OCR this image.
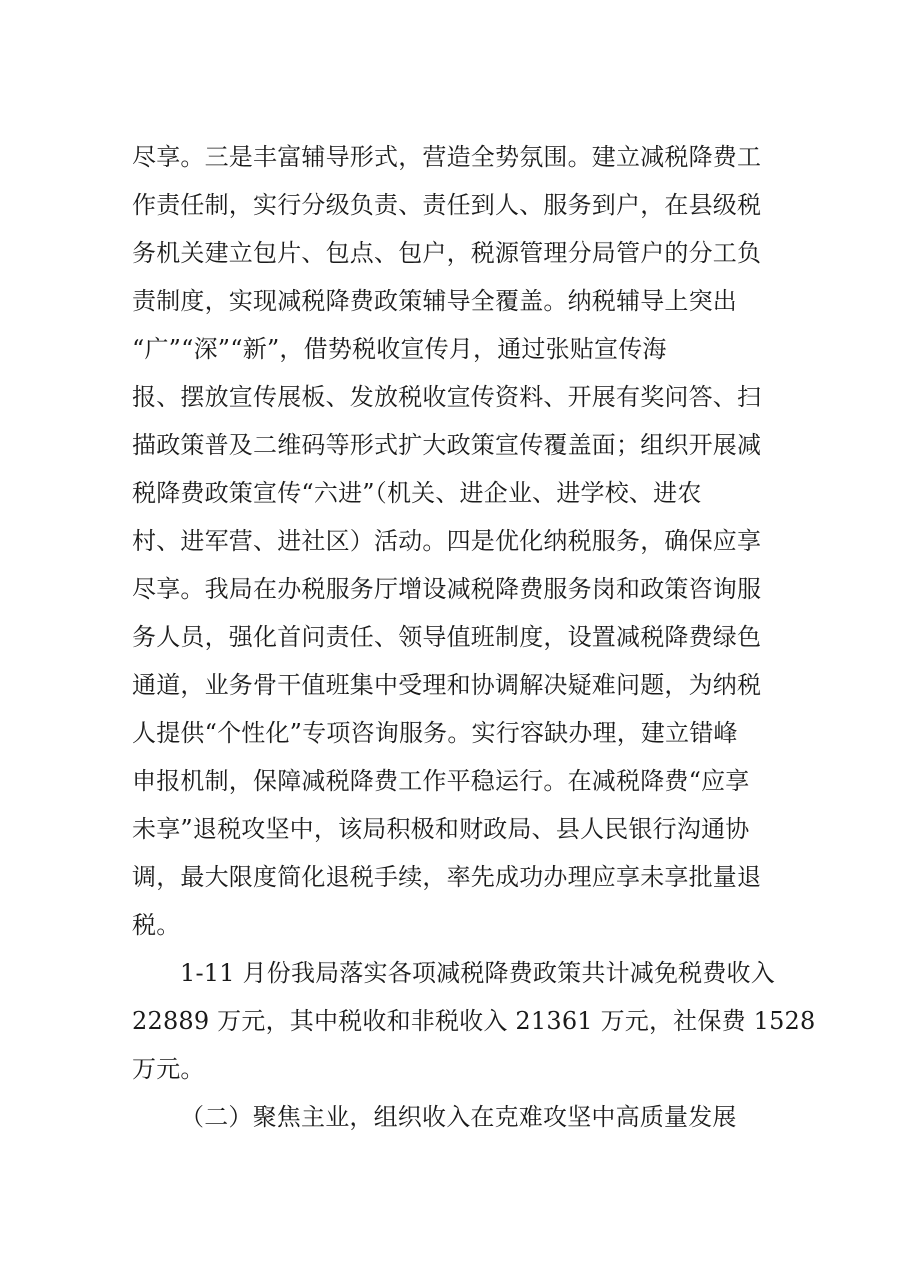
尽享。三是丰富辅导形式，营造全势氛围。建立减税降费工
作责任制，实行分级负责、责任到人、服务到户，在县级税
务机关建立包片、包点、包户，税源管理分局管户的分工负
责制度，实现减税降费政策辅导全覆盖。纳税辅导上突出
“广”“深”“新”，借势税收宣传月，通过张贴宣传海
报、摆放宣传展板、发放税收宣传资料、开展有奖问答、扫
描政策普及二维码等形式扩大政策宣传覆盖面；组织开展减
税降费政策宣传“六进”（机关、进企业、进学校、进农
村、进军营、进社区）活动。四是优化纳税服务，确保应享
尽享。我局在办税服务厅增设减税降费服务岗和政策咨询服
务人员，强化首问责任、领导值班制度，设置减税降费绿色
通道，业务骨干值班集中受理和协调解决疑难问题，为纳税
人提供“个性化”专项咨询服务。实行容缺办理，建立错峰
申报机制，保障减税降费工作平稳运行。在减税降费“应享
未享”退税攻坚中，该局积极和财政局、县人民银行沟通协
调，最大限度简化退税手续，率先成功办理应享未享批量退
税。
1-11 月份我局落实各项减税降费政策共计减免税费收入
22889 万元，其中税收和非税收入 21361 万元，社保费 1528
万元。
（二）聚焦主业，组织收入在克难攻坚中高质量发展
